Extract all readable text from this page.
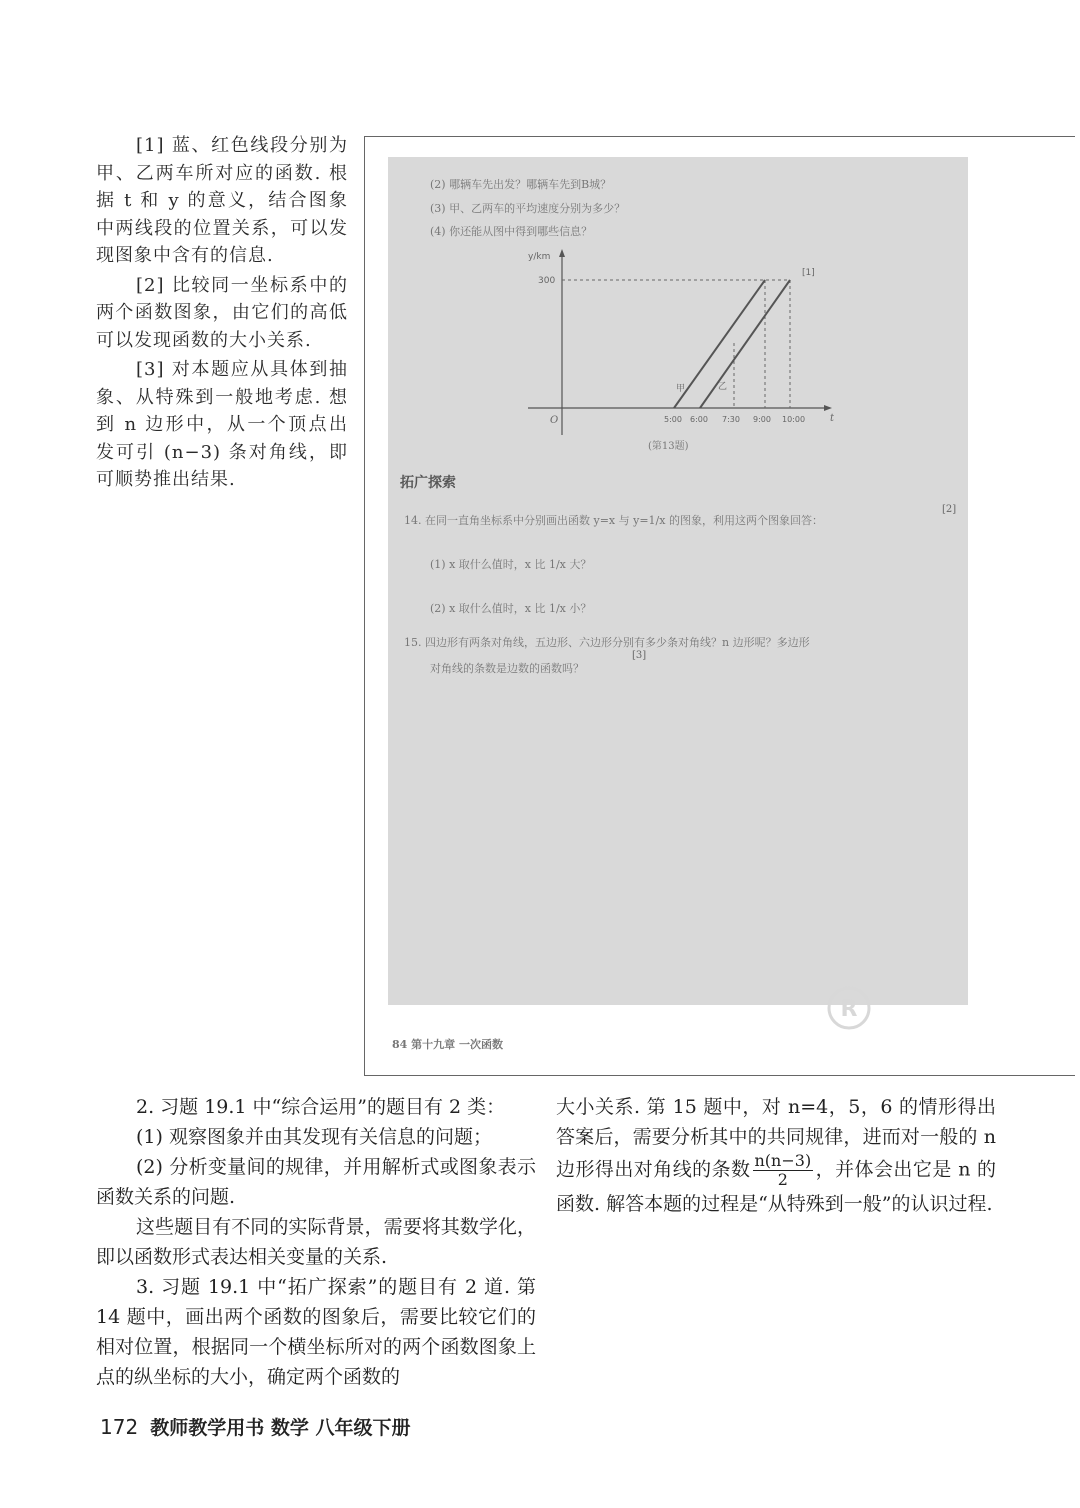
[1] 蓝、红色线段分别为甲、乙两车所对应的函数. 根据 t 和 y 的意义，结合图象中两线段的位置关系，可以发现图象中含有的信息.

[2] 比较同一坐标系中的两个函数图象，由它们的高低可以发现函数的大小关系.

[3] 对本题应从具体到抽象、从特殊到一般地考虑. 想到 n 边形中，从一个顶点出发可引 (n−3) 条对角线，即可顺势推出结果.

(2) 哪辆车先出发？哪辆车先到B城？
(3) 甲、乙两车的平均速度分别为多少？
(4) 你还能从图中得到哪些信息？
y/km
300
O	t
5:00 6:00 7:30 9:00 10:00
甲	乙
[1]
(第13题)
拓广探索
14. 在同一直角坐标系中分别画出函数 y=x 与 y=1/x 的图象，利用这两个图象回答：
[2]
(1) x 取什么值时，x 比 1/x 大？
(2) x 取什么值时，x 比 1/x 小？
15. 四边形有两条对角线，五边形、六边形分别有多少条对角线？n 边形呢？多边形
对角线的条数是边数的函数吗？
[3]
84 第十九章 一次函数
R

2. 习题 19.1 中“综合运用”的题目有 2 类：

(1) 观察图象并由其发现有关信息的问题；

(2) 分析变量间的规律，并用解析式或图象表示函数关系的问题.

这些题目有不同的实际背景，需要将其数学化，即以函数形式表达相关变量的关系.

3. 习题 19.1 中“拓广探索”的题目有 2 道. 第 14 题中，画出两个函数的图象后，需要比较它们的相对位置，根据同一个横坐标所对的两个函数图象上点的纵坐标的大小，确定两个函数的

大小关系. 第 15 题中，对 n=4，5，6 的情形得出答案后，需要分析其中的共同规律，进而对一般的 n 边形得出对角线的条数 $\frac{n(n-3)}{2}$ ，并体会出它是 n 的函数. 解答本题的过程是“从特殊到一般”的认识过程.

172 教师教学用书 数学 八年级下册
